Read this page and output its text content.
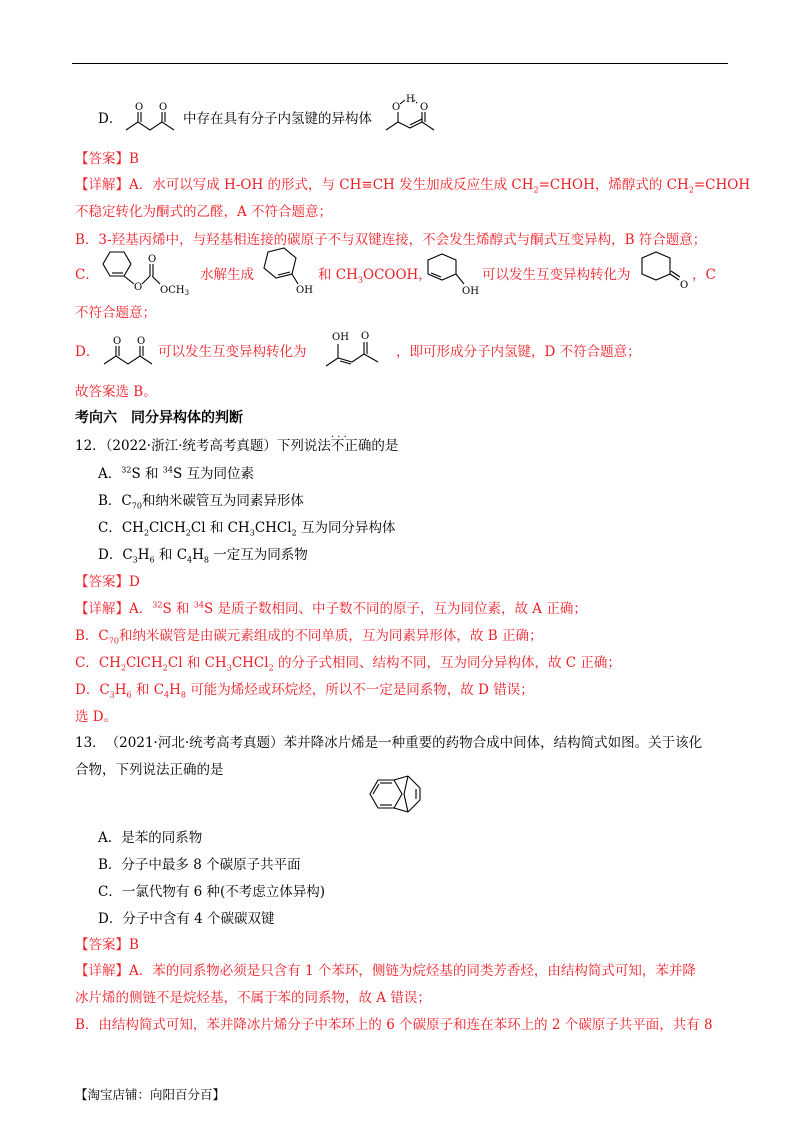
D．
O O
中存在具有分子内氢键的异构体
O
H
O
【答案】B
【详解】A．水可以写成 H-OH 的形式，与 CH≡CH 发生加成反应生成 $CH_2=CHOH$，烯醇式的 $CH_2=CHOH$
不稳定转化为酮式的乙醛，A 不符合题意；
B．3-羟基丙烯中，与羟基相连接的碳原子不与双键连接，不会发生烯醇式与酮式互变异构，B 符合题意；
C．
O
O
$OCH_3$
水解生成
OH
和 $CH_3OCOOH$，
OH
可以发生互变异构转化为
O
，C
不符合题意；
D．
O O
可以发生互变异构转化为
OH O
，即可形成分子内氢键，D 不符合题意；
故答案选 B。
考向六　同分异构体的判断
12．（2022·浙江·统考高考真题）下列说法· · · 不正确的是
A．$^{32}$S 和 $^{34}$S 互为同位素
B．$C_{70}$和纳米碳管互为同素异形体
C．$CH_2ClCH_2Cl$ 和 $CH_3CHCl_2$ 互为同分异构体
D．$C_3H_6$ 和 $C_4H_8$ 一定互为同系物
【答案】D
【详解】A．$^{32}$S 和 $^{34}$S 是质子数相同、中子数不同的原子，互为同位素，故 A 正确；
B．$C_{70}$和纳米碳管是由碳元素组成的不同单质，互为同素异形体，故 B 正确；
C．$CH_2ClCH_2Cl$ 和 $CH_3CHCl_2$ 的分子式相同、结构不同，互为同分异构体，故 C 正确；
D．$C_3H_6$ 和 $C_4H_8$ 可能为烯烃或环烷烃，所以不一定是同系物，故 D 错误；
选 D。
13．　（2021·河北·统考高考真题）苯并降冰片烯是一种重要的药物合成中间体，结构简式如图。关于该化
合物，下列说法正确的是
A．是苯的同系物
B．分子中最多 8 个碳原子共平面
C．一氯代物有 6 种(不考虑立体异构)
D．分子中含有 4 个碳碳双键
【答案】B
【详解】A．苯的同系物必须是只含有 1 个苯环，侧链为烷烃基的同类芳香烃，由结构简式可知，苯并降
冰片烯的侧链不是烷烃基，不属于苯的同系物，故 A 错误；
B．由结构简式可知，苯并降冰片烯分子中苯环上的 6 个碳原子和连在苯环上的 2 个碳原子共平面，共有 8
【淘宝店铺：向阳百分百】
